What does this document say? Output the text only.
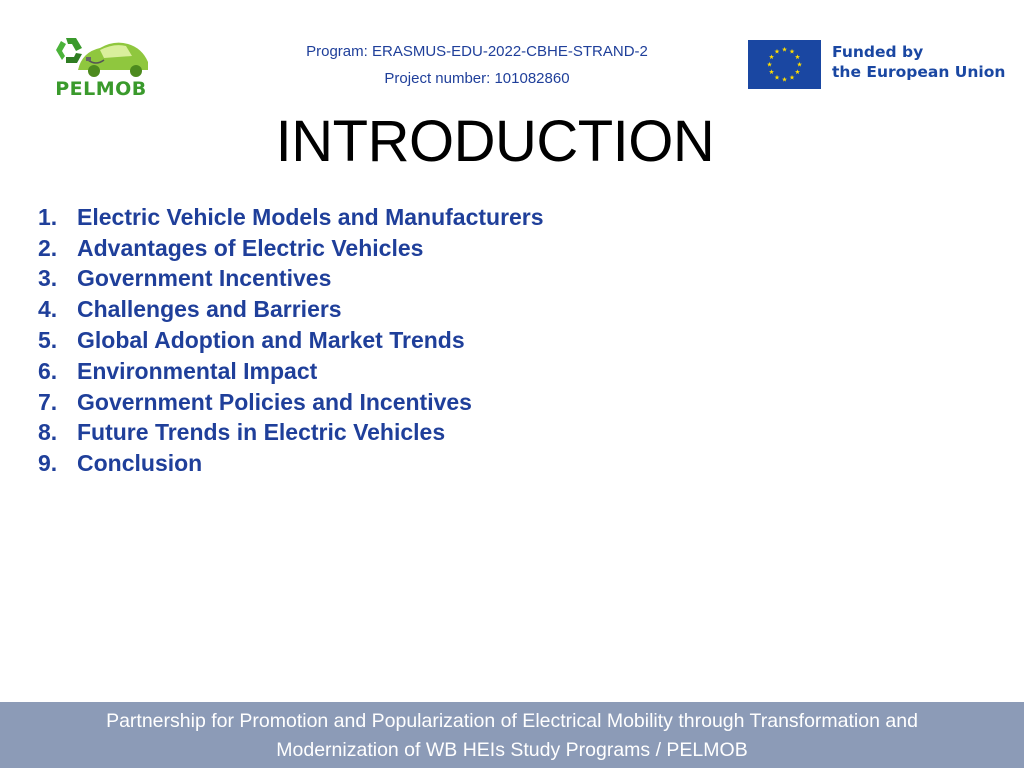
PELMOB
Program: ERASMUS-EDU-2022-CBHE-STRAND-2
Project number: 101082860
Funded by
the European Union
INTRODUCTION
1. Electric Vehicle Models and Manufacturers
2. Advantages of Electric Vehicles
3. Government Incentives
4. Challenges and Barriers
5. Global Adoption and Market Trends
6. Environmental Impact
7. Government Policies and Incentives
8. Future Trends in Electric Vehicles
9. Conclusion
Partnership for Promotion and Popularization of Electrical Mobility through Transformation and
Modernization of WB HEIs Study Programs / PELMOB
